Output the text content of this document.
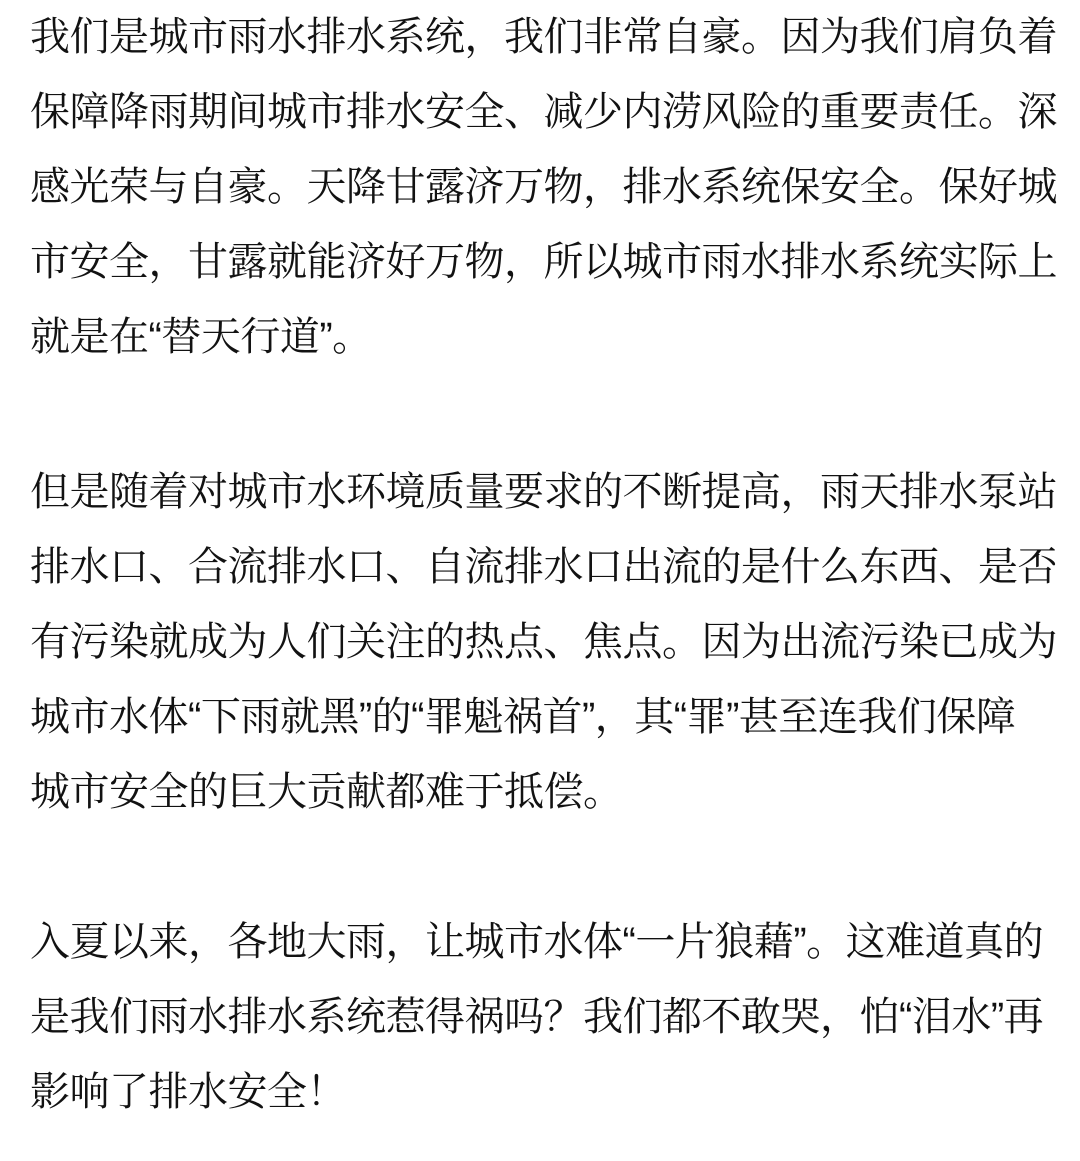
我们是城市雨水排水系统，我们非常自豪。因为我们肩负着
保障降雨期间城市排水安全、减少内涝风险的重要责任。深
感光荣与自豪。天降甘露济万物，排水系统保安全。保好城
市安全，甘露就能济好万物，所以城市雨水排水系统实际上
就是在“替天行道”。

但是随着对城市水环境质量要求的不断提高，雨天排水泵站
排水口、合流排水口、自流排水口出流的是什么东西、是否
有污染就成为人们关注的热点、焦点。因为出流污染已成为
城市水体“下雨就黑”的“罪魁祸首”，其“罪”甚至连我们保障
城市安全的巨大贡献都难于抵偿。

入夏以来，各地大雨，让城市水体“一片狼藉”。这难道真的
是我们雨水排水系统惹得祸吗？我们都不敢哭，怕“泪水”再
影响了排水安全！
